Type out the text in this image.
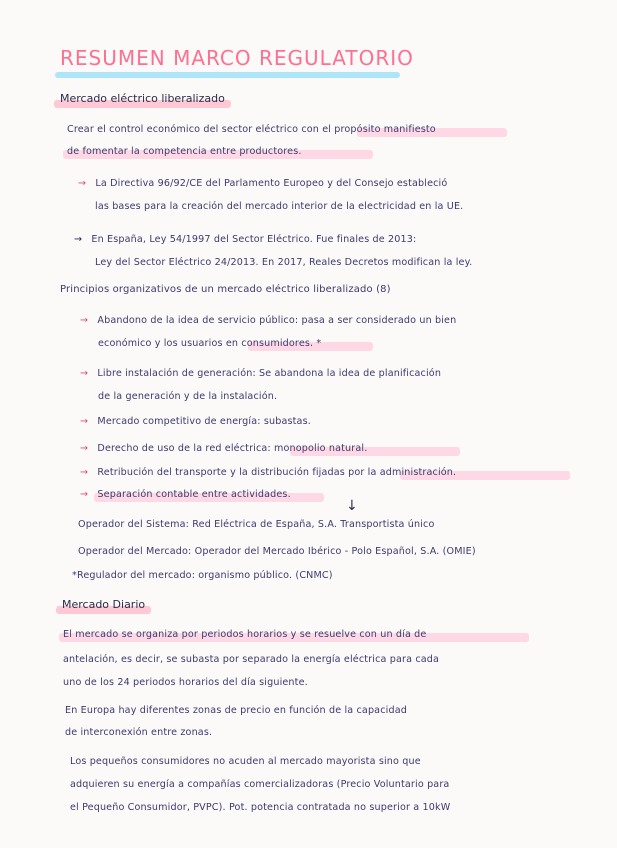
RESUMEN MARCO REGULATORIO
Mercado eléctrico liberalizado
Crear el control económico del sector eléctrico con el propósito manifiesto
de fomentar la competencia entre productores.
→ La Directiva 96/92/CE del Parlamento Europeo y del Consejo estableció
las bases para la creación del mercado interior de la electricidad en la UE.
→ En España, Ley 54/1997 del Sector Eléctrico. Fue finales de 2013:
Ley del Sector Eléctrico 24/2013. En 2017, Reales Decretos modifican la ley.
Principios organizativos de un mercado eléctrico liberalizado (8)
→ Abandono de la idea de servicio público: pasa a ser considerado un bien
económico y los usuarios en consumidores. *
→ Libre instalación de generación: Se abandona la idea de planificación
de la generación y de la instalación.
→ Mercado competitivo de energía: subastas.
→ Derecho de uso de la red eléctrica: monopolio natural.
→ Retribución del transporte y la distribución fijadas por la administración.
→ Separación contable entre actividades.
↓
Operador del Sistema: Red Eléctrica de España, S.A. Transportista único
Operador del Mercado: Operador del Mercado Ibérico - Polo Español, S.A. (OMIE)
*Regulador del mercado: organismo público. (CNMC)
Mercado Diario
El mercado se organiza por periodos horarios y se resuelve con un día de
antelación, es decir, se subasta por separado la energía eléctrica para cada
uno de los 24 periodos horarios del día siguiente.
En Europa hay diferentes zonas de precio en función de la capacidad
de interconexión entre zonas.
Los pequeños consumidores no acuden al mercado mayorista sino que
adquieren su energía a compañías comercializadoras (Precio Voluntario para
el Pequeño Consumidor, PVPC). Pot. potencia contratada no superior a 10kW
